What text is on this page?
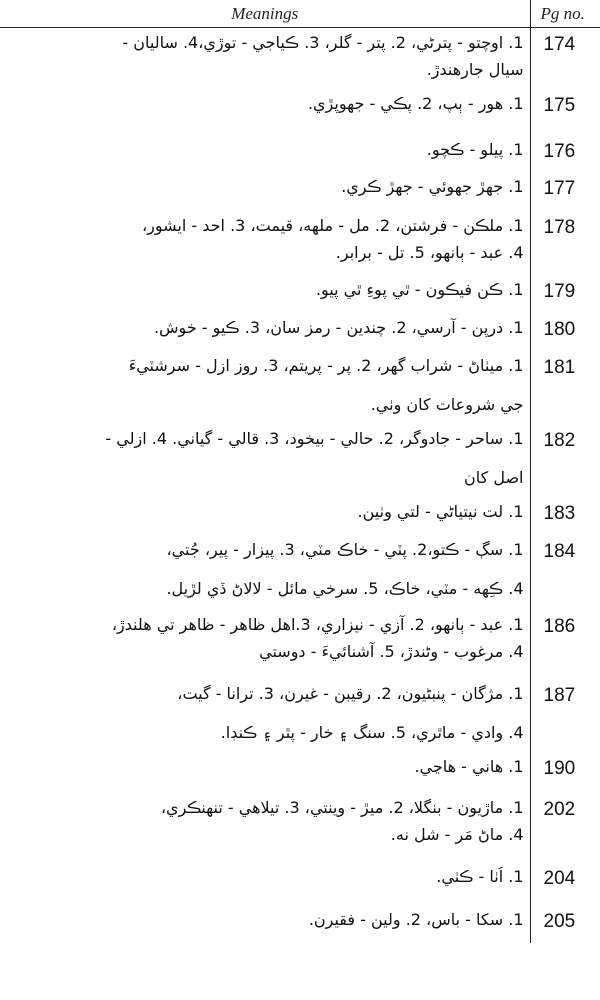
Meanings	Pg no.

1. اوچتو - پترڻي، 2. پتر - گلر، 3. ڪياجي - توڙي،4. ساليان -
سيال جارهندڙ.	174

1. هور - ٻپ، 2. پڪي - جهوپڙي.	175

1. پيلو - ڪچو.	176

1. جهڙ جهوئي - جهڙ ڪري.	177

1. ملڪن - فرشتن، 2. مل - ملهه، قيمت، 3. احد - ايشور،
4. عبد - ٻانهو، 5. تل - برابر.	178

1. ڪن فيڪون - ٿي پوءِ ٿي پيو.	179

1. درپن - آرسي، 2. چندين - رمز سان، 3. ڪيو - خوش.	180

1. ميٺاڻ - شراب گهر، 2. پر - پريتم، 3. روز ازل - سرشٽيءَ
جي شروعات کان وٺي.	181

1. ساحر - جادوگر، 2. حالي - بيخود، 3. قالي - گياني. 4. ازلي -
اصل کان	182

1. لت نيتياڻي - لتي وٺين.	183

1. سڳ - ڪتو،2. پٽي - خاڪ مٽي، 3. پيزار - پير، جُتي،
4. ڪِهه - مٽي، خاڪ، 5. سرخي مائل - لالاڻ ڏي لڙيل.	184

1. عبد - ٻانهو، 2. آزي - نيزاري، 3.اهل ظاهر - ظاهر تي هلندڙ،
4. مرغوب - وڻندڙ، 5. آشنائيءَ - دوستي	186

1. مژگان - پنبڻيون، 2. رقيبن - غيرن، 3. ترانا - گيت،
4. وادي - ماٿري، 5. سنگ ۽ خار - پٿر ۽ ڪنڊا.	187

1. هاني - هاڃي.	190

1. ماڙيون - بنگلا، 2. ميڙ - وينتي، 3. تيلاهي - تنهنڪري،
4. ماڻ مَر - شل نه.	202

1. اُٺا - ڪٺي.	204

1. سکا - باس، 2. ولين - فقيرن.	205
